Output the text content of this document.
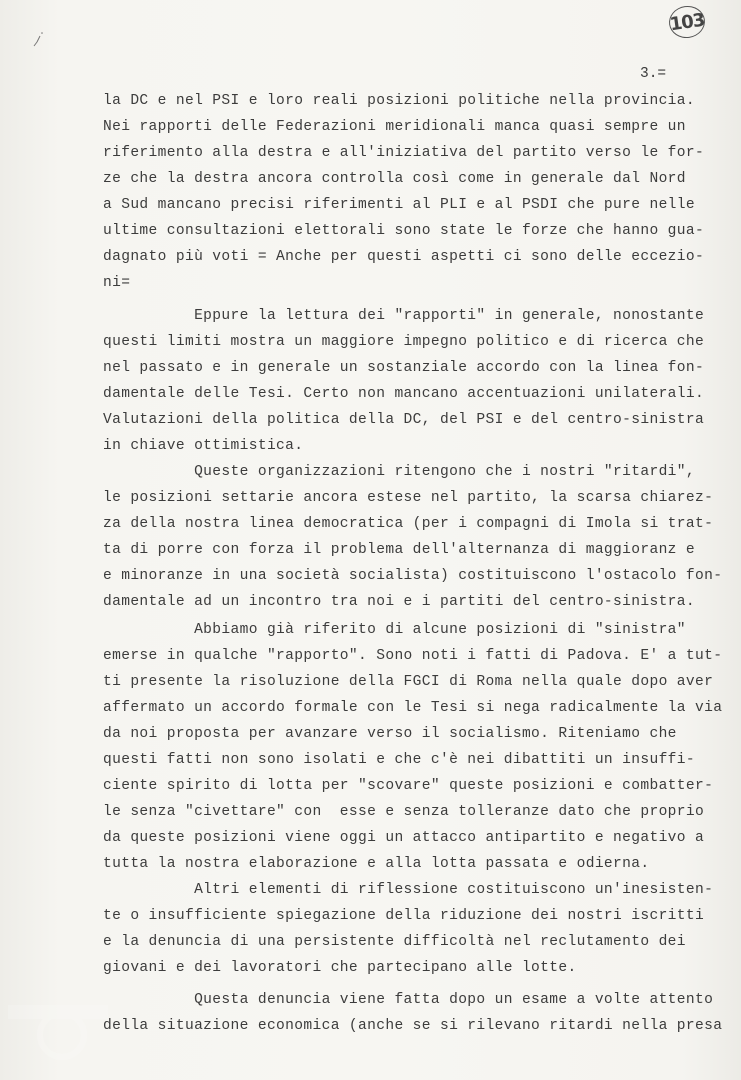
103
3.=
la DC e nel PSI e loro reali posizioni politiche nella provincia.
Nei rapporti delle Federazioni meridionali manca quasi sempre un
riferimento alla destra e all'iniziativa del partito verso le for-
ze che la destra ancora controlla così come in generale dal Nord
a Sud mancano precisi riferimenti al PLI e al PSDI che pure nelle
ultime consultazioni elettorali sono state le forze che hanno gua-
dagnato più voti = Anche per questi aspetti ci sono delle eccezio-
ni=
Eppure la lettura dei "rapporti" in generale, nonostante
questi limiti mostra un maggiore impegno politico e di ricerca che
nel passato e in generale un sostanziale accordo con la linea fon-
damentale delle Tesi. Certo non mancano accentuazioni unilaterali.
Valutazioni della politica della DC, del PSI e del centro-sinistra
in chiave ottimistica.
Queste organizzazioni ritengono che i nostri "ritardi",
le posizioni settarie ancora estese nel partito, la scarsa chiarez-
za della nostra linea democratica (per i compagni di Imola si trat-
ta di porre con forza il problema dell'alternanza di maggioranz e
e minoranze in una società socialista) costituiscono l'ostacolo fon-
damentale ad un incontro tra noi e i partiti del centro-sinistra.
Abbiamo già riferito di alcune posizioni di "sinistra"
emerse in qualche "rapporto". Sono noti i fatti di Padova. E' a tut-
ti presente la risoluzione della FGCI di Roma nella quale dopo aver
affermato un accordo formale con le Tesi si nega radicalmente la via
da noi proposta per avanzare verso il socialismo. Riteniamo che
questi fatti non sono isolati e che c'è nei dibattiti un insuffi-
ciente spirito di lotta per "scovare" queste posizioni e combatter-
le senza "civettare" con  esse e senza tolleranze dato che proprio
da queste posizioni viene oggi un attacco antipartito e negativo a
tutta la nostra elaborazione e alla lotta passata e odierna.
Altri elementi di riflessione costituiscono un'inesisten-
te o insufficiente spiegazione della riduzione dei nostri iscritti
e la denuncia di una persistente difficoltà nel reclutamento dei
giovani e dei lavoratori che partecipano alle lotte.
Questa denuncia viene fatta dopo un esame a volte attento
della situazione economica (anche se si rilevano ritardi nella presa
